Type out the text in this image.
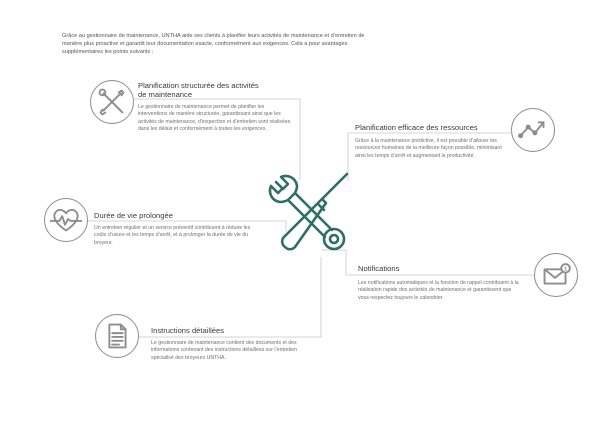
Grâce au gestionnaire de maintenance, UNTHA aide ses clients à planifier leurs activités de maintenance et d’entretien de manière plus proactive et garantit leur documentation exacte, conformément aux exigences. Cela a pour avantages supplémentaires les points suivants :
1
Planification structurée des activités de maintenance
Le gestionnaire de maintenance permet de planifier les interventions de manière structurée, garantissant ainsi que les activités de maintenance, d’inspection et d’entretien sont réalisées dans les délais et conformément à toutes les exigences.	Planification efficace des ressources
Grâce à la maintenance prédictive, il est possible d’allouer les ressources humaines de la meilleure façon possible, minimisant ainsi les temps d’arrêt et augmentant la productivité.
Durée de vie prolongée
Un entretien régulier et un service préventif contribuent à réduire les coûts d’usure et les temps d’arrêt, et à prolonger la durée de vie du broyeur.
Notifications
Les notifications automatiques et la fonction de rappel contribuent à la réalisation rapide des activités de maintenance et garantissent que vous respectez toujours le calendrier.
Instructions détaillées
Le gestionnaire de maintenance contient des documents et des informations contenant des instructions détaillées sur l’entretien spécialisé des broyeurs UNTHA.
